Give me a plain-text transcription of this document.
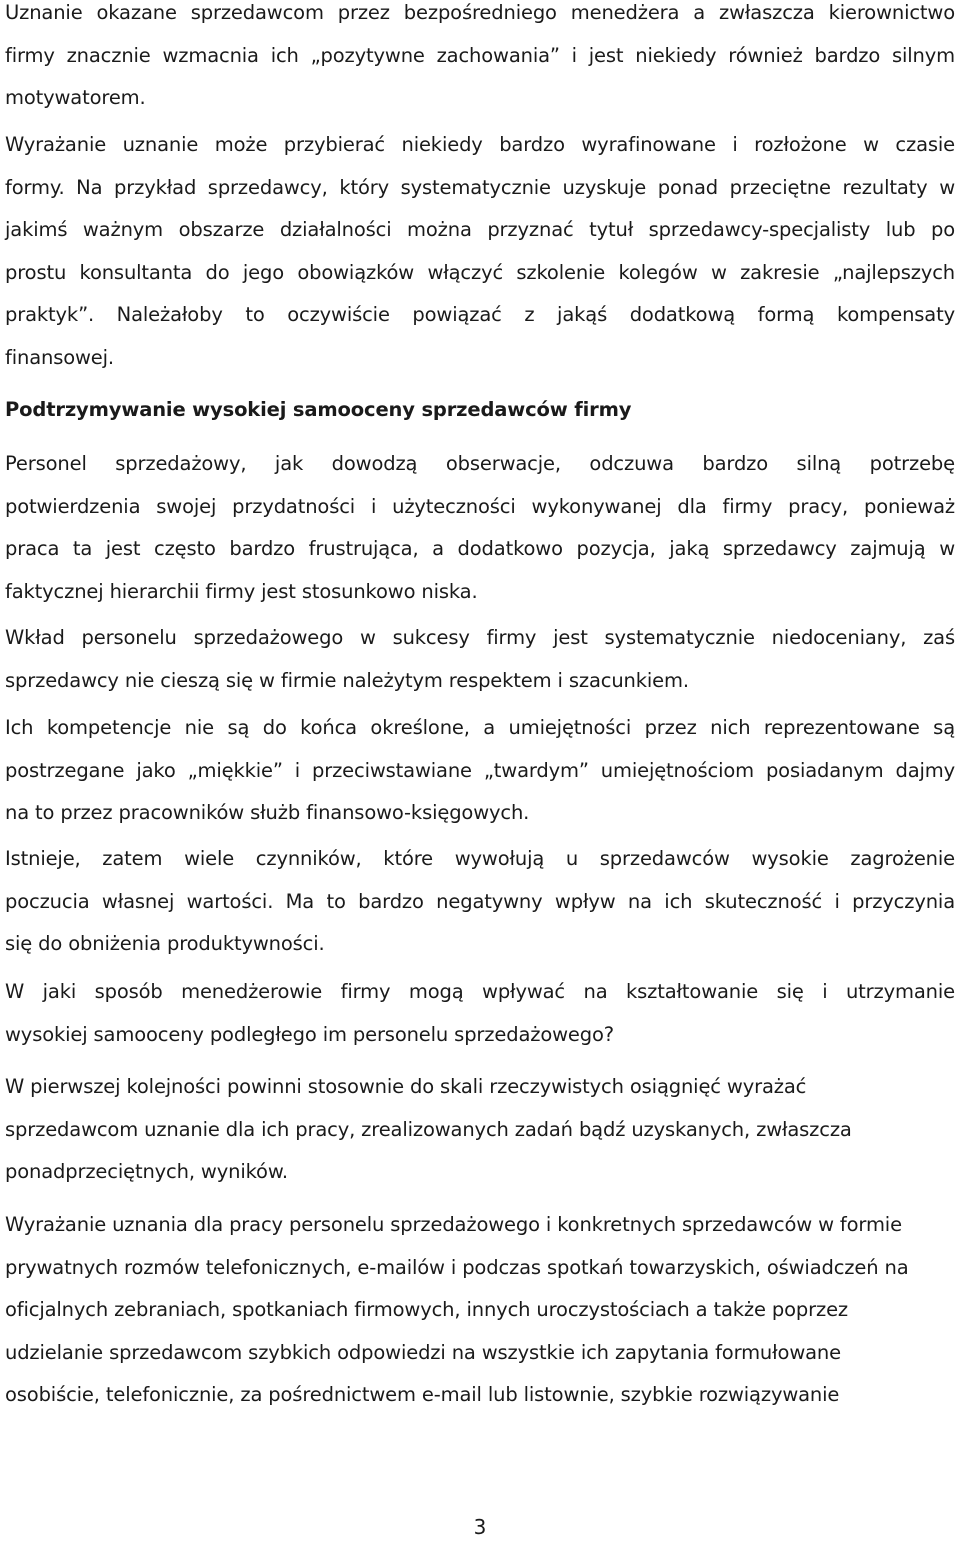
Uznanie okazane sprzedawcom przez bezpośredniego menedżera a zwłaszcza kierownictwo
firmy znacznie wzmacnia ich „pozytywne zachowania” i jest niekiedy również bardzo silnym
motywatorem.

Wyrażanie uznanie może przybierać niekiedy bardzo wyrafinowane i rozłożone w czasie
formy. Na przykład sprzedawcy, który systematycznie uzyskuje ponad przeciętne rezultaty w
jakimś ważnym obszarze działalności można przyznać tytuł sprzedawcy-specjalisty lub po
prostu konsultanta do jego obowiązków włączyć szkolenie kolegów w zakresie „najlepszych
praktyk”. Należałoby to oczywiście powiązać z jakąś dodatkową formą kompensaty
finansowej.

Podtrzymywanie wysokiej samooceny sprzedawców firmy

Personel sprzedażowy, jak dowodzą obserwacje, odczuwa bardzo silną potrzebę
potwierdzenia swojej przydatności i użyteczności wykonywanej dla firmy pracy, ponieważ
praca ta jest często bardzo frustrująca, a dodatkowo pozycja, jaką sprzedawcy zajmują w
faktycznej hierarchii firmy jest stosunkowo niska.

Wkład personelu sprzedażowego w sukcesy firmy jest systematycznie niedoceniany, zaś
sprzedawcy nie cieszą się w firmie należytym respektem i szacunkiem.

Ich kompetencje nie są do końca określone, a umiejętności przez nich reprezentowane są
postrzegane jako „miękkie” i przeciwstawiane „twardym” umiejętnościom posiadanym dajmy
na to przez pracowników służb finansowo-księgowych.

Istnieje, zatem wiele czynników, które wywołują u sprzedawców wysokie zagrożenie
poczucia własnej wartości. Ma to bardzo negatywny wpływ na ich skuteczność i przyczynia
się do obniżenia produktywności.

W jaki sposób menedżerowie firmy mogą wpływać na kształtowanie się i utrzymanie
wysokiej samooceny podległego im personelu sprzedażowego?

W pierwszej kolejności powinni stosownie do skali rzeczywistych osiągnięć wyrażać
sprzedawcom uznanie dla ich pracy, zrealizowanych zadań bądź uzyskanych, zwłaszcza
ponadprzeciętnych, wyników.

Wyrażanie uznania dla pracy personelu sprzedażowego i konkretnych sprzedawców w formie
prywatnych rozmów telefonicznych, e-mailów i podczas spotkań towarzyskich, oświadczeń na
oficjalnych zebraniach, spotkaniach firmowych, innych uroczystościach a także poprzez
udzielanie sprzedawcom szybkich odpowiedzi na wszystkie ich zapytania formułowane
osobiście, telefonicznie, za pośrednictwem e-mail lub listownie, szybkie rozwiązywanie

3
